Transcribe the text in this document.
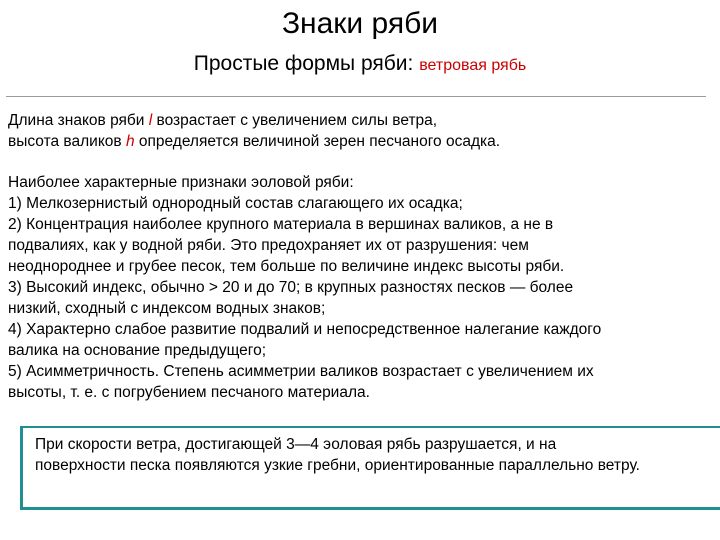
Знаки ряби
Простые формы ряби: ветровая рябь
Длина знаков ряби l возрастает с увеличением силы ветра,
высота валиков h определяется величиной зерен песчаного осадка.
Наиболее характерные признаки эоловой ряби:
1) Мелкозернистый однородный состав слагающего их осадка;
2) Концентрация наиболее крупного материала в вершинах валиков, а не в
подвалиях, как у водной ряби. Это предохраняет их от разрушения: чем
неоднороднее и грубее песок, тем больше по величине индекс высоты ряби.
3) Высокий индекс, обычно > 20 и до 70; в крупных разностях песков — более
низкий, сходный с индексом водных знаков;
4) Характерно слабое развитие подвалий и непосредственное налегание каждого
валика на основание предыдущего;
5) Асимметричность. Степень асимметрии валиков возрастает с увеличением их
высоты, т. е. с погрубением песчаного материала.
При скорости ветра, достигающей 3—4 эоловая рябь разрушается, и на
поверхности песка появляются узкие гребни, ориентированные параллельно ветру.
